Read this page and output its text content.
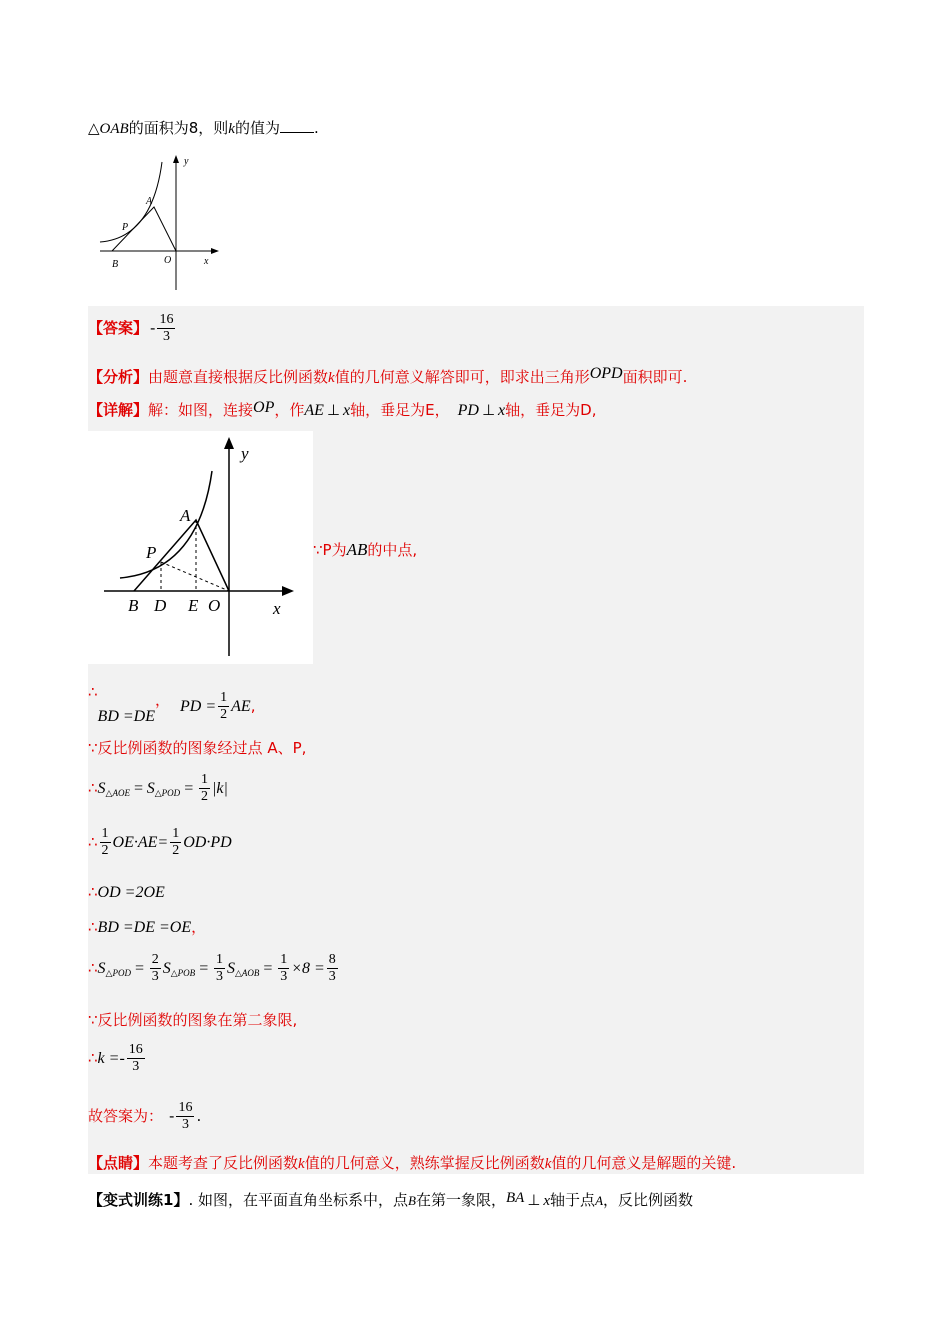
△OAB的面积为8，则k的值为 .
y
x
A
P
B	O
【答案】 - $\frac{16}{3}$
【分析】由题意直接根据反比例函数k值的几何意义解答即可，即求出三角形OPD面积即可.
【详解】解：如图，连接OP，作AE ⊥ x轴，垂足为E， PD ⊥ x轴，垂足为D,
y
x
A
P
B D E O
∵P为AB的中点,
∴BD =DE， PD = $\frac{1}{2}$ AE,
∵反比例函数的图象经过点 A、P,
$\therefore S_{\triangle AOE} = S_{\triangle POD} = \frac{1}{2} |k|$
∴ $\frac{1}{2} OE\cdot AE= \frac{1}{2} OD\cdot PD$
∴OD =2OE
∴BD =DE =OE，
$\therefore S_{\triangle POD} = \frac{2}{3} S_{\triangle POB} = \frac{1}{3} S_{\triangle AOB} = \frac{1}{3} \times 8 = \frac{8}{3}$
∵反比例函数的图象在第二象限,
∴k =- $\frac{16}{3}$
故答案为： - $\frac{16}{3}$ .
【点睛】本题考查了反比例函数k值的几何意义，熟练掌握反比例函数k值的几何意义是解题的关键.
【变式训练1】. 如图，在平面直角坐标系中，点B在第一象限，BA ⊥ x轴于点A，反比例函数
